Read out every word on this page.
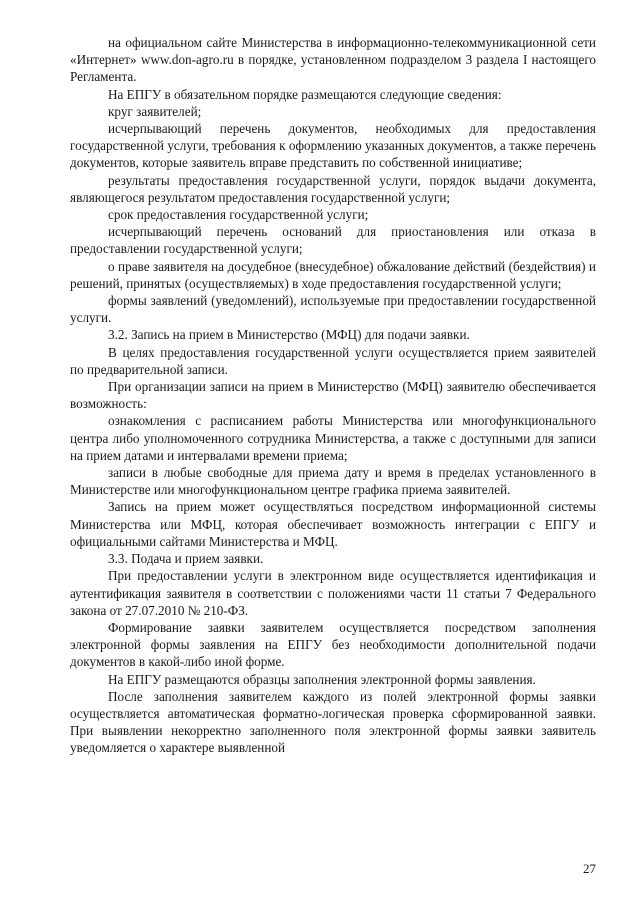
на официальном сайте Министерства в информационно-телекоммуникационной сети «Интернет» www.don-agro.ru в порядке, установленном подразделом 3 раздела I настоящего Регламента.

На ЕПГУ в обязательном порядке размещаются следующие сведения:

круг заявителей;

исчерпывающий перечень документов, необходимых для предоставления государственной услуги, требования к оформлению указанных документов, а также перечень документов, которые заявитель вправе представить по собственной инициативе;

результаты предоставления государственной услуги, порядок выдачи документа, являющегося результатом предоставления государственной услуги;

срок предоставления государственной услуги;

исчерпывающий перечень оснований для приостановления или отказа в предоставлении государственной услуги;

о праве заявителя на досудебное (внесудебное) обжалование действий (бездействия) и решений, принятых (осуществляемых) в ходе предоставления государственной услуги;

формы заявлений (уведомлений), используемые при предоставлении государственной услуги.

3.2. Запись на прием в Министерство (МФЦ) для подачи заявки.

В целях предоставления государственной услуги осуществляется прием заявителей по предварительной записи.

При организации записи на прием в Министерство (МФЦ) заявителю обеспечивается возможность:

ознакомления с расписанием работы Министерства или многофункционального центра либо уполномоченного сотрудника Министерства, а также с доступными для записи на прием датами и интервалами времени приема;

записи в любые свободные для приема дату и время в пределах установленного в Министерстве или многофункциональном центре графика приема заявителей.

Запись на прием может осуществляться посредством информационной системы Министерства или МФЦ, которая обеспечивает возможность интеграции с ЕПГУ и официальными сайтами Министерства и МФЦ.

3.3. Подача и прием заявки.

При предоставлении услуги в электронном виде осуществляется идентификация и аутентификация заявителя в соответствии с положениями части 11 статьи 7 Федерального закона от 27.07.2010 № 210-ФЗ.

Формирование заявки заявителем осуществляется посредством заполнения электронной формы заявления на ЕПГУ без необходимости дополнительной подачи документов в какой-либо иной форме.

На ЕПГУ размещаются образцы заполнения электронной формы заявления.

После заполнения заявителем каждого из полей электронной формы заявки осуществляется автоматическая форматно-логическая проверка сформированной заявки. При выявлении некорректно заполненного поля электронной формы заявки заявитель уведомляется о характере выявленной

27
